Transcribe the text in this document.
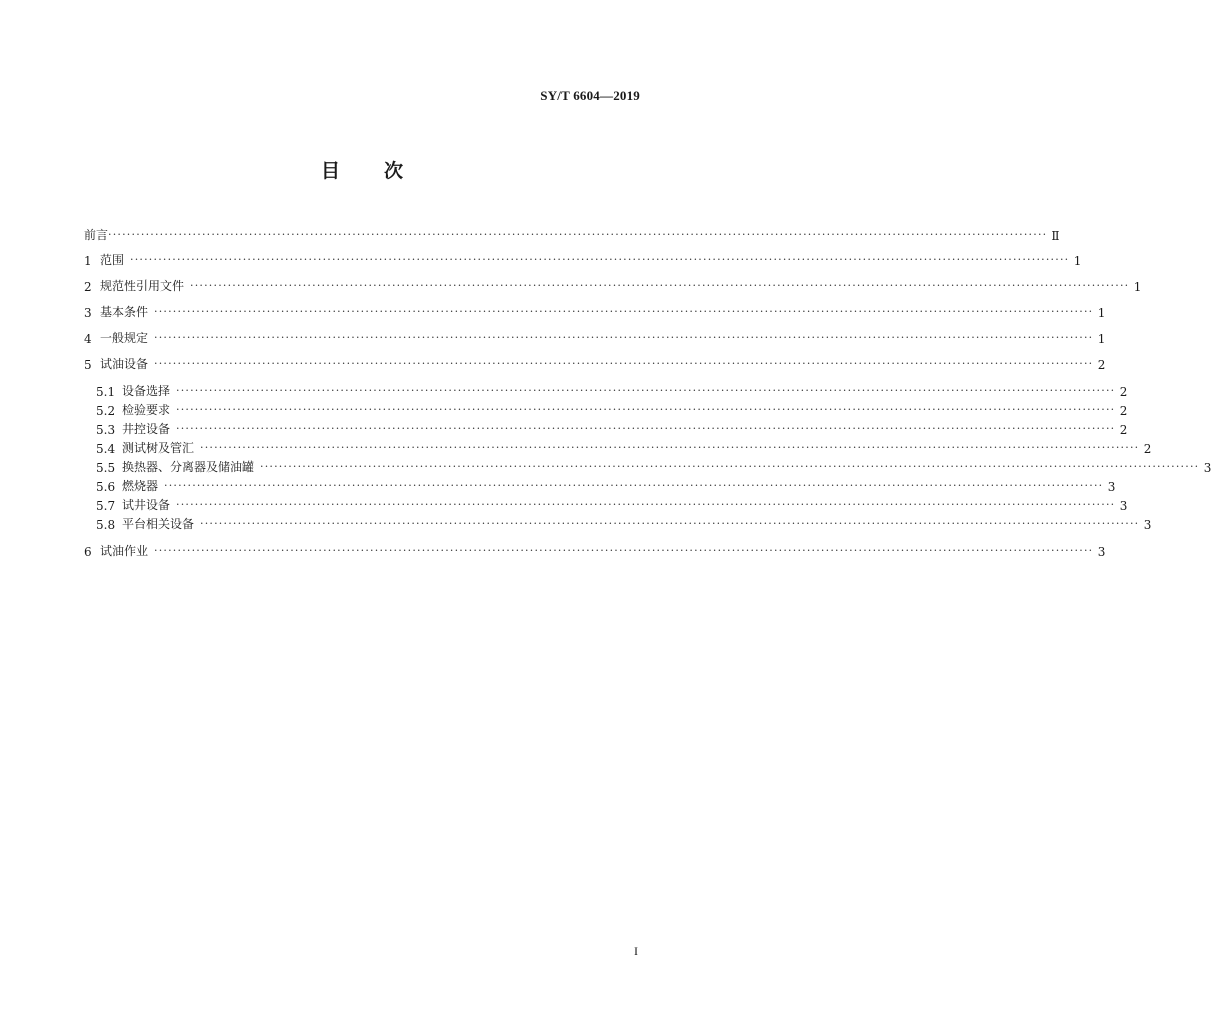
SY/T 6604—2019
目 次
前言 ········································································································································································································ Ⅱ
1 范围 ········································································································································································································ 1
2 规范性引用文件 ········································································································································································································ 1
3 基本条件 ········································································································································································································ 1
4 一般规定 ········································································································································································································ 1
5 试油设备 ········································································································································································································ 2
5.1 设备选择 ········································································································································································································ 2
5.2 检验要求 ········································································································································································································ 2
5.3 井控设备 ········································································································································································································ 2
5.4 测试树及管汇 ········································································································································································································ 2
5.5 换热器、分离器及储油罐 ········································································································································································································ 3
5.6 燃烧器 ········································································································································································································ 3
5.7 试井设备 ········································································································································································································ 3
5.8 平台相关设备 ········································································································································································································ 3
6 试油作业 ········································································································································································································ 3
I
